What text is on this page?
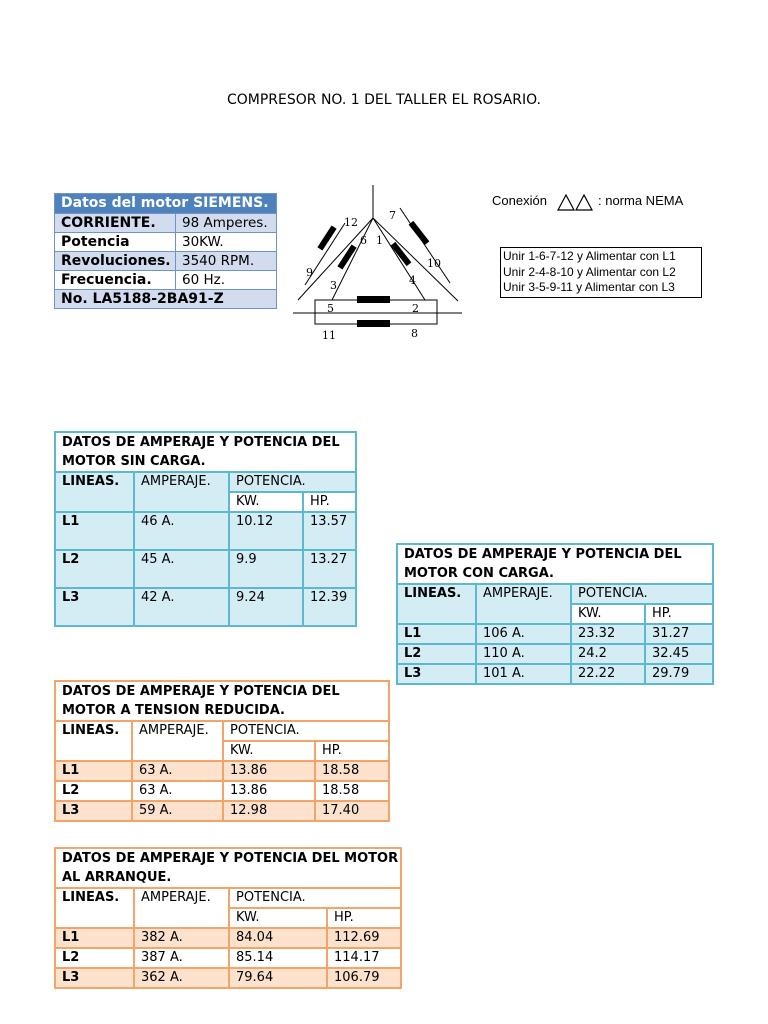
COMPRESOR NO. 1 DEL TALLER EL ROSARIO.
Datos del motor SIEMENS.	
CORRIENTE.	98 Amperes.
Potencia	30KW.
Revoluciones.	3540 RPM.
Frecuencia.	60 Hz.
No. LA5188-2BA91-Z	
12
7
6 1
9
10
3	4
5	2
11	8
Conexión	: norma NEMA
Unir 1-6-7-12 y Alimentar con L1
Unir 2-4-8-10 y Alimentar con L2
Unir 3-5-9-11 y Alimentar con L3
DATOS DE AMPERAJE Y POTENCIA DEL MOTOR SIN CARGA.			
LINEAS.	AMPERAJE.	POTENCIA.	
		KW.	HP.
L1	46 A.	10.12	13.57
L2	45 A.	9.9	13.27
L3	42 A.	9.24	12.39
DATOS DE AMPERAJE Y POTENCIA DEL MOTOR CON CARGA.			
LINEAS.	AMPERAJE.	POTENCIA.	
		KW.	HP.
L1	106 A.	23.32	31.27
L2	110 A.	24.2	32.45
L3	101 A.	22.22	29.79
DATOS DE AMPERAJE Y POTENCIA DEL MOTOR A TENSION REDUCIDA.			
LINEAS.	AMPERAJE.	POTENCIA.	
		KW.	HP.
L1	63 A.	13.86	18.58
L2	63 A.	13.86	18.58
L3	59 A.	12.98	17.40
DATOS DE AMPERAJE Y POTENCIA DEL MOTOR AL ARRANQUE.			
LINEAS.	AMPERAJE.	POTENCIA.	
		KW.	HP.
L1	382 A.	84.04	112.69
L2	387 A.	85.14	114.17
L3	362 A.	79.64	106.79
